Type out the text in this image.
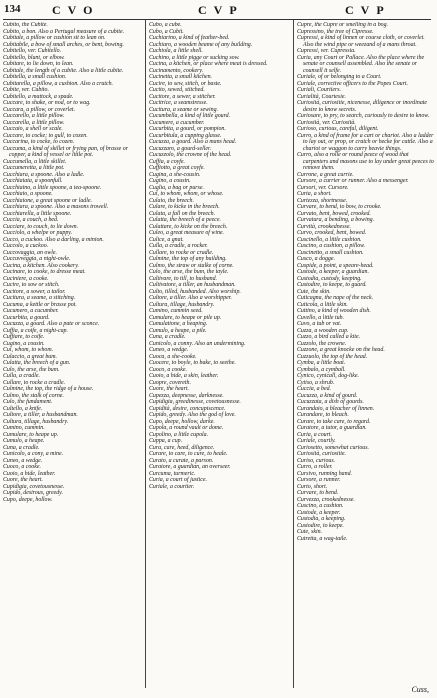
134	CVO	CVP	CVP

Cubito, the Cubite.

Cubito, a bon. Also a Pertugal measure of a cubite.

Cubitale, a pillow or cushion sit to lean on.

Cubitabile, a bow of small arches, or bent, bowing.

Cubitello, ver. Cubitello.

Cubitello, blunt, or elbow.

Cubitare, to lie down, to lean.

Cubitale, the length of a cubite. Also a little cubite.

Cubitella, a small cushion.

Cubitarella, a pillow, a cushion. Also a crutch.

Cubite, ver. Cubito.

Cubitello, a mattock, a spade.

Cuccare, to shake, or nod, or to wag.

Cuccara, a pillow, or coverlet.

Cuccarello, a little pillow.

Cuccarella, a little pillow.

Cuccaio, a shell or scale.

Cuccare, to cocke; to gull, to cozen.

Cuccarina, to cocke, to cozen.

Cuccuma, a kind of skillet or frying pan, of brasse or copper, a kind of vessel or little pot.

Cuccumella, a little skillet.

Cuccumeretta, a little pot.

Cucchiara, a spoone. Also a ladle.

Cucchiaiata, a spoonfull.

Cucchiaino, a little spoone, a tea-spoone.

Cucchiaio, a spoone.

Cucchiaione, a great spoone or ladle.

Cucchiara, a spoone. Also a masons trowell.

Cucchiarella, a little spoone.

Cuccia, a couch, a bed.

Cucciare, to couch, to lie down.

Cucciolo, a whelpe or puppy.

Cucco, a cuckoo. Also a darling, a minion.

Cuccolo, a cuckoo.

Cuccovaggia, an owle.

Cuccuvveggia, a night-owle.

Cucina, a kitchen. Also cookery.

Cucinare, to cooke, to dresse meat.

Cuciniere, a cooke.

Cucire, to sow or stitch.

Cucitore, a sower, a tailor.

Cucitura, a seame, a stitching.

Cucuma, a kettle or brasse pot.

Cucumero, a cucumber.

Cucurbita, a gourd.

Cucuzza, a gourd. Also a pate or sconce.

Cuffia, a coife, a night-cap.

Cuffiare, to coife.

Cugino, a cousin.

Cui, whom, to whom.

Culaccio, a great bum.

Culatta, the breech of a gun.

Culo, the arse, the bum.

Culla, a cradle.

Cullare, to rocke a cradle.

Culmine, the top, the ridge of a house.

Culmo, the stalk of corne.

Culo, the fundament.

Cultello, a knife.

Cultore, a tiller, a husbandman.

Cultura, tillage, husbandry.

Cumino, cummin.

Cumulare, to heape up.

Cumulo, a heape.

Cuna, a cradle.

Cunicolo, a cony, a mine.

Cuneo, a wedge.

Cuoco, a cooke.

Cuoio, a hide, leather.

Cuore, the heart.

Cupidigia, covetousnesse.

Cupido, desirous, greedy.

Cupo, deepe, hollow.

Cubo, a cube.

Cubo, a Cubit.

Cuchiarino, a kind of feather-bed.

Cuchiaro, a wooden beame of any building.

Cuchiola, a little shell.

Cuchino, a little pigge or sucking sow.

Cucina, a kitchen, or place where meat is dressed.

Cucinamento, cookery.

Cucinetta, a small kitchen.

Cucire, to sew, stitch, or baste.

Cucito, sewed, stitched.

Cucitore, a sewer, a stitcher.

Cucitrice, a seamstresse.

Cucitura, a seame or sewing.

Cucumbella, a kind of little gourd.

Cucumere, a cucumber.

Cucurbita, a gourd, or pompion.

Cucurbitula, a cupping glasse.

Cucuzza, a gourd. Also a mans head.

Cucuzzaro, a gourd-seller.

Cucuzzolo, the crowne of the head.

Cuffia, a coyfe.

Cuffiotto, a great coyfe.

Cugina, a she-cousin.

Cugino, a cousin.

Cuglia, a bag or purse.

Cui, to whom, whom, or whose.

Culaio, the breech.

Culare, to kicke in the breech.

Culata, a fall on the breech.

Culatta, the breech of a peece.

Culattare, to kicke on the breech.

Culeo, a great measure of wine.

Culice, a gnat.

Culla, a cradle, a rocker.

Cullare, to rocke or cradle.

Culmine, the top of any building.

Culmo, the straw or stalke of corne.

Culo, the arse, the bum, the tayle.

Cultivare, to till, to husband.

Cultivatore, a tiller, an husbandman.

Culto, tilled, husbanded. Also worship.

Cultore, a tiller. Also a worshipper.

Cultura, tillage, husbandry.

Cumino, cummin seed.

Cumulare, to heape or pile up.

Cumulatione, a heaping.

Cumulo, a heape, a pile.

Cuna, a cradle.

Cunicolo, a conny. Also an undermining.

Cuneo, a wedge.

Cuoca, a she-cooke.

Cuocere, to boyle, to bake, to seethe.

Cuoco, a cooke.

Cuoio, a hide, a skin, leather.

Cuopre, covereth.

Cuore, the heart.

Cupezza, deepnesse, darknesse.

Cupidigia, greedinesse, covetousnesse.

Cupidità, desire, concupiscence.

Cupido, greedy. Also the god of love.

Cupo, deepe, hollow, darke.

Cupola, a round vault or dome.

Cupolino, a little cupola.

Cuppa, a cup.

Cura, care, heed, diligence.

Curare, to care, to cure, to heale.

Curato, a curate, a parson.

Curatore, a guardian, an overseer.

Curcuma, turmeric.

Curia, a court of justice.

Curiale, a courtier.

Cupre, the Cupre or smelling in a bog.

Cupressino, the tree of Cipresse.

Cupressi, a kind of linnen or course cloth, or coverlet. Also the wind pipe or weezand of a mans throat.

Cupressi, ver. Cupressia.

Curia, any Court or Pallace. Also the place where the senate or counsell assembled. Also the senate or counsell it selfe.

Curiale, of or belonging to a Court.

Curiale, corrective officers to the Popes Court.

Curiali, Courtiers.

Curialità, Courtesie.

Curiosità, curiositie, nicenesse, diligence or inordinate desire to know secrets.

Curiosare, to pry, to search, curiously to desire to know.

Curiosità, ver. Curiosità.

Curioso, curious, careful, diligent.

Curro, a kind of frame for a cart or chariot. Also a ladder to lay out, or prop, or cratch or hecke for cattle. Also a chariot or waggon to carry heavie things.

Curro, also a rolle or round peece of wood that carpenters and masons use to lay under great peeces to remove them.

Currone, a great currie.

Cursore, a currier or runner. Also a messenger.

Cursori, ver. Cursore.

Curta, a short.

Curtezza, shortnesse.

Curvare, to bend, to bow, to crooke.

Curvato, bent, bowed, crooked.

Curvatura, a bending, a bowing.

Curvità, crookednesse.

Curvo, crooked, bent, bowed.

Cuscinello, a little cushion.

Cuscino, a cushion, a pillow.

Cuscinetto, a small cushion.

Cusco, a dogge.

Cuspide, a point, a speare-head.

Custode, a keeper, a guardian.

Custodia, custody, keeping.

Custodire, to keepe, to guard.

Cute, the skin.

Cuticagna, the nape of the neck.

Cuticola, a little skin.

Cuttino, a kind of wooden dish.

Cuvello, a little tub.

Cuvo, a tub or vat.

Cuzza, a wooden cup.

Cuzzo, a bird called a kite.

Cuzzolo, the crowne.

Cuzzone, a great knocke on the head.

Cuzzuolo, the top of the head.

Cymba, a little boat.

Cymbalo, a cymball.

Cynico, cynicall, dog-like.

Cytiso, a shrub.

Cuccia, a bed.

Cucuzza, a kind of gourd.

Cucuzzata, a dish of gourds.

Curandaio, a bleacher of linnen.

Curandare, to bleach.

Curare, to take care, to regard.

Curatore, a tutor, a guardian.

Curia, a court.

Curiale, courtly.

Curiosetto, somewhat curious.

Curiosità, curiositie.

Curiso, curious.

Curro, a roller.

Cursivo, running hand.

Cursore, a runner.

Curto, short.

Curvare, to bend.

Curvezza, crookednesse.

Cuscino, a cushion.

Custode, a keeper.

Custodia, a keeping.

Custodire, to keepe.

Cute, skin.

Cutretta, a wag-taile.

Cuss,
